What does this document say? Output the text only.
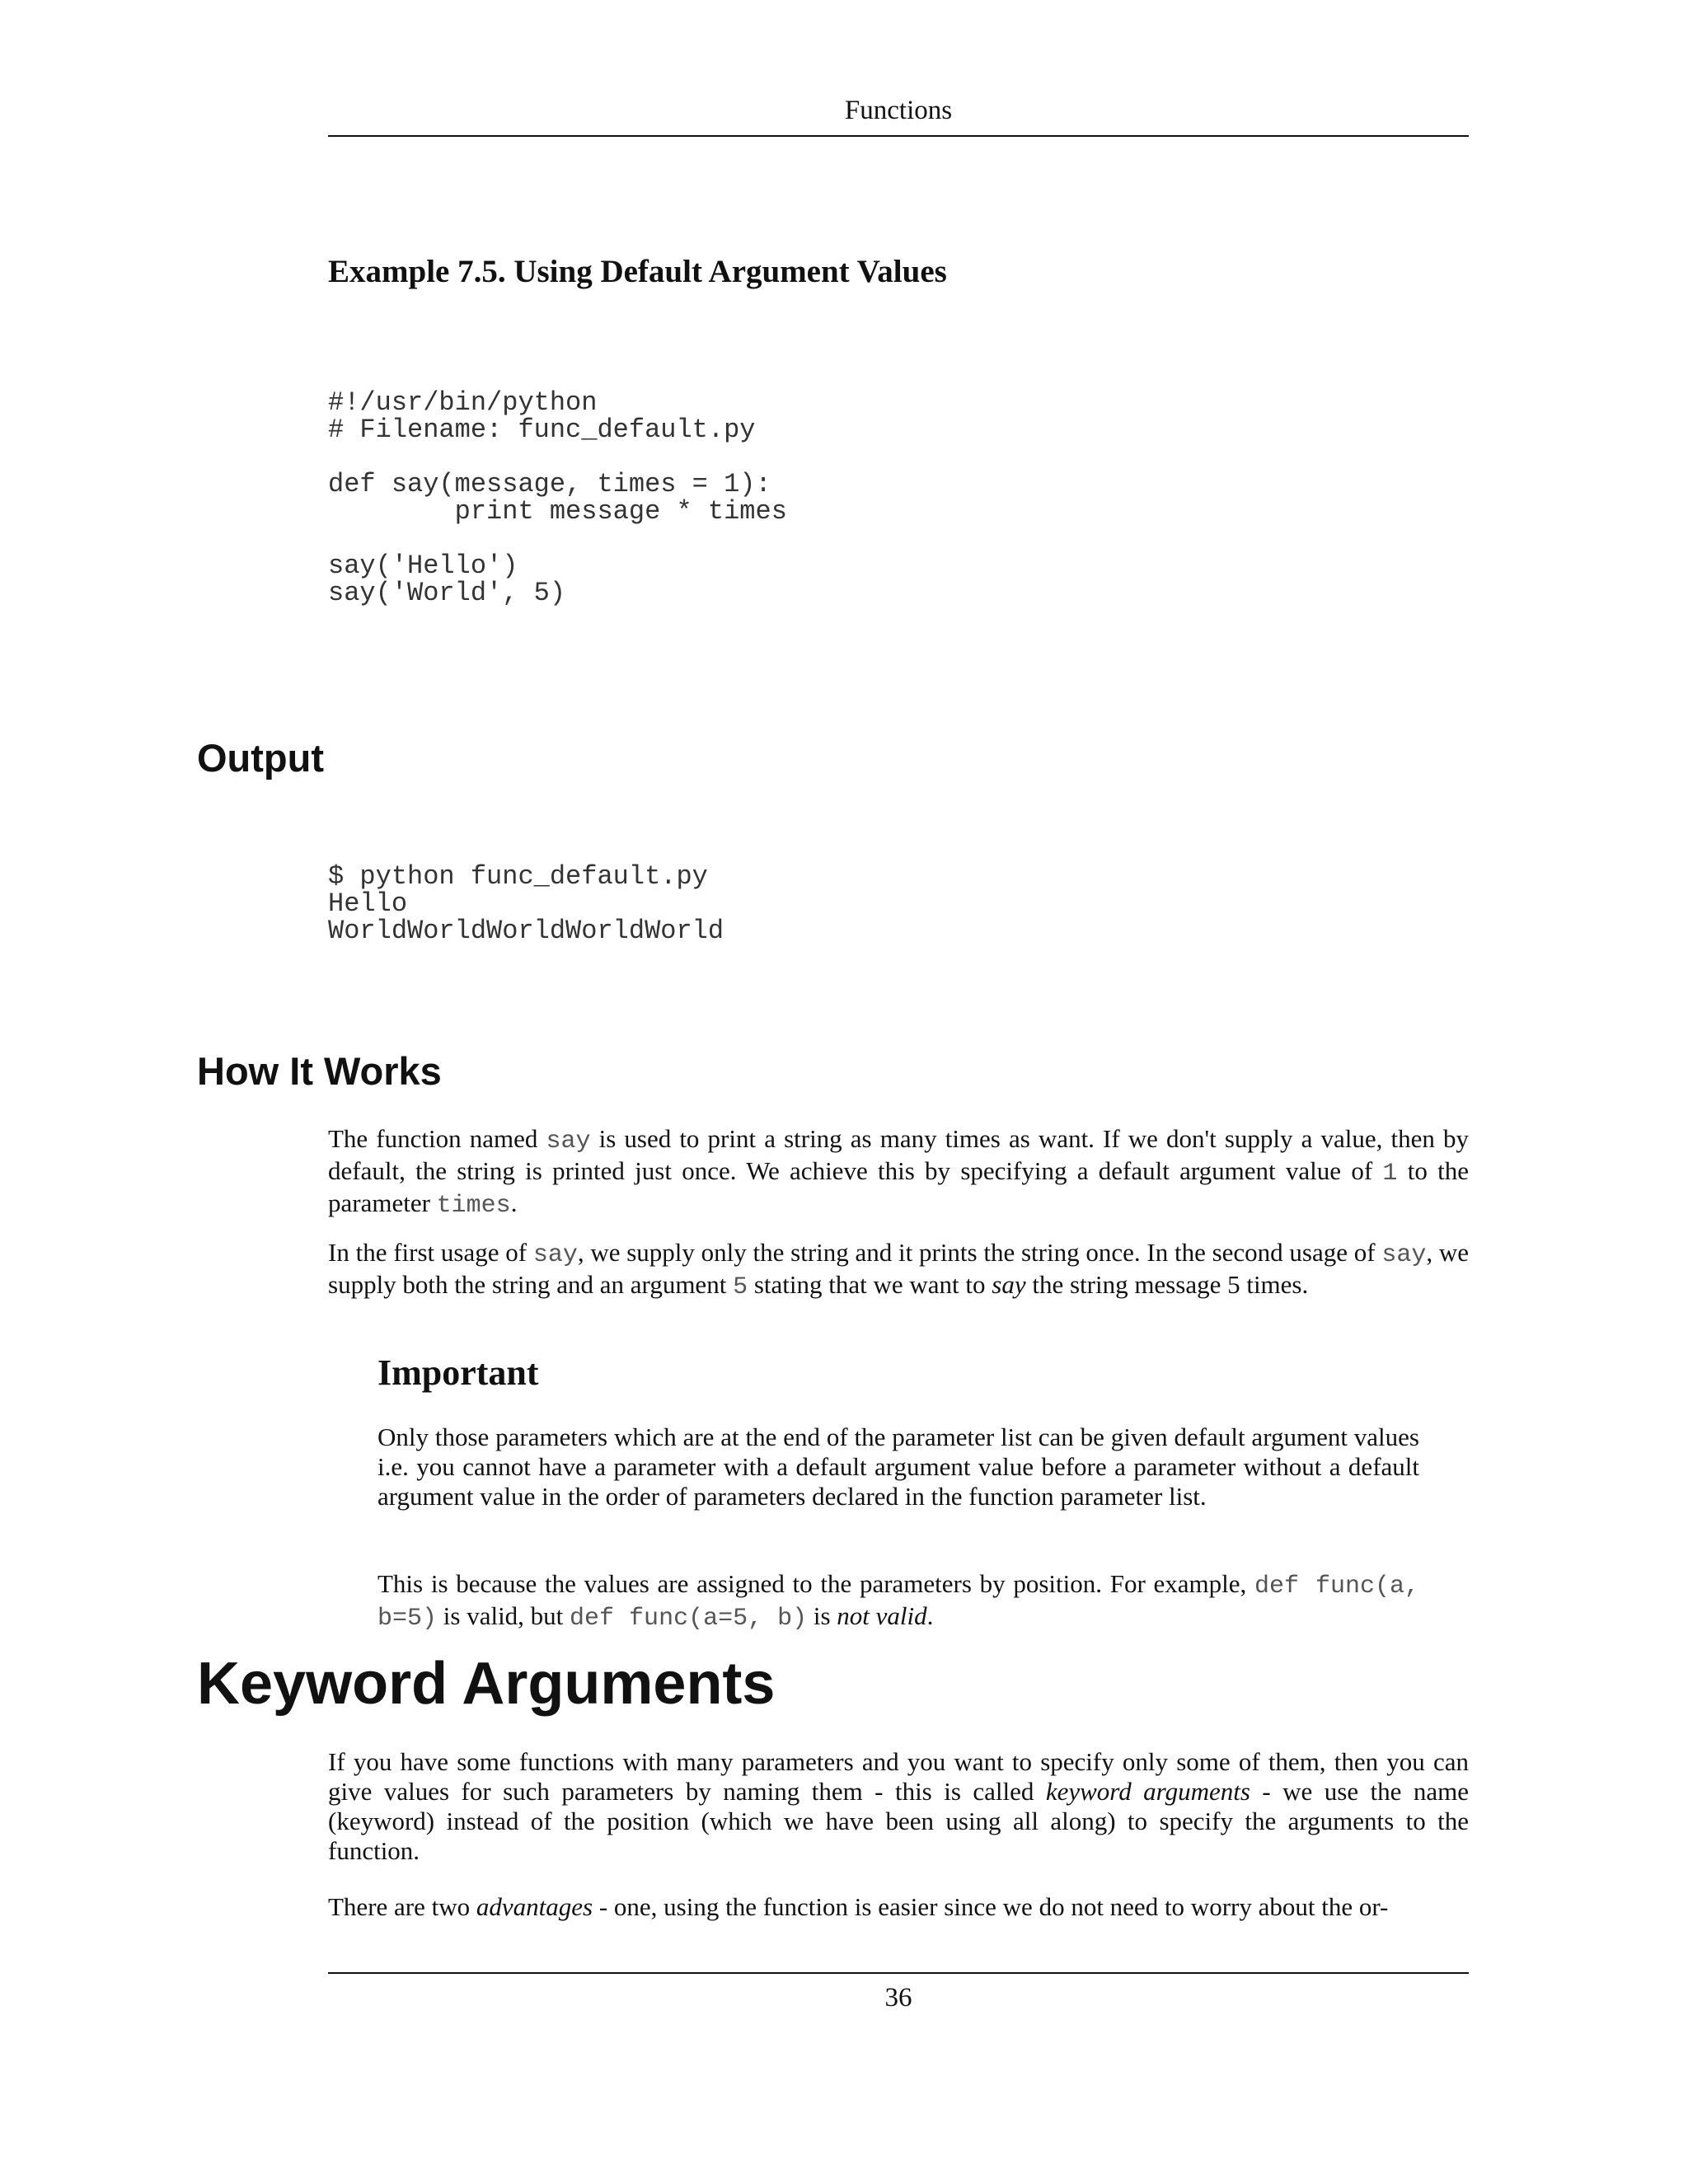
Functions
Example 7.5. Using Default Argument Values
#!/usr/bin/python
# Filename: func_default.py

def say(message, times = 1):
print message * times

say('Hello')
say('World', 5)
Output
$ python func_default.py
Hello
WorldWorldWorldWorldWorld
How It Works

The function named say is used to print a string as many times as want. If we don't supply a value, then by default, the string is printed just once. We achieve this by specifying a default argument value of 1 to the parameter times.

In the first usage of say, we supply only the string and it prints the string once. In the second usage of say, we supply both the string and an argument 5 stating that we want to say the string message 5 times.

Important

Only those parameters which are at the end of the parameter list can be given default argument values i.e. you cannot have a parameter with a default argument value before a parameter without a default argument value in the order of parameters declared in the function parameter list.

This is because the values are assigned to the parameters by position. For example, def func(a, b=5) is valid, but def func(a=5, b) is not valid.

Keyword Arguments

If you have some functions with many parameters and you want to specify only some of them, then you can give values for such parameters by naming them - this is called keyword arguments - we use the name (keyword) instead of the position (which we have been using all along) to specify the arguments to the function.

There are two advantages - one, using the function is easier since we do not need to worry about the or-

36
